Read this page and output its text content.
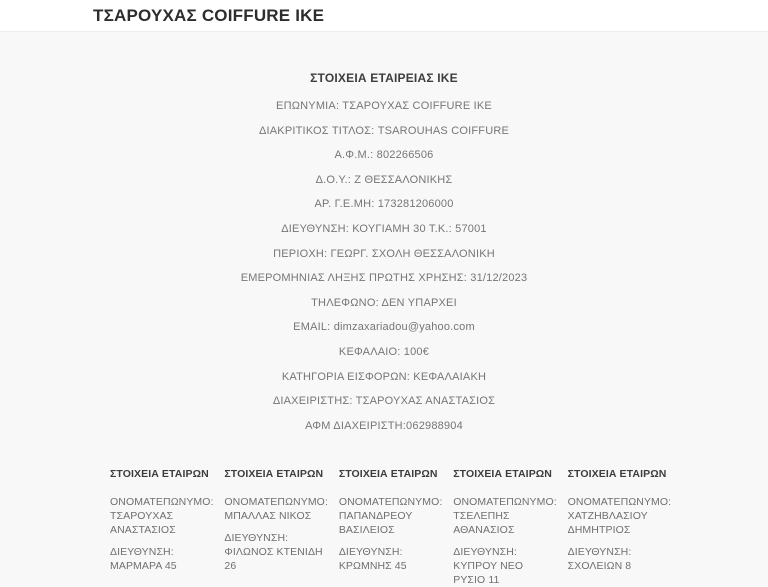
ΤΣΑΡΟΥΧΑΣ COIFFURE ΙΚΕ
ΣΤΟΙΧΕΙΑ ΕΤΑΙΡΕΙΑΣ ΙΚΕ

ΕΠΩΝΥΜΙΑ: ΤΣΑΡΟΥΧΑΣ COIFFURE ΙΚΕ

ΔΙΑΚΡΙΤΙΚΟΣ ΤΙΤΛΟΣ: TSAROUHAS COIFFURE

Α.Φ.Μ.: 802266506

Δ.Ο.Υ.: Ζ ΘΕΣΣΑΛΟΝΙΚΗΣ

ΑΡ. Γ.Ε.ΜΗ: 173281206000

ΔΙΕΥΘΥΝΣΗ: ΚΟΥΓΙΑΜΗ 30 Τ.Κ.: 57001

ΠΕΡΙΟΧΗ: ΓΕΩΡΓ. ΣΧΟΛΗ ΘΕΣΣΑΛΟΝΙΚΗ

ΕΜΕΡΟΜΗΝΙΑΣ ΛΗΞΗΣ ΠΡΩΤΗΣ ΧΡΗΣΗΣ: 31/12/2023

ΤΗΛΕΦΩΝΟ: ΔΕΝ ΥΠΑΡΧΕΙ

EMAIL: dimzaxariadou@yahoo.com

ΚΕΦΑΛΑΙΟ: 100€

ΚΑΤΗΓΟΡΙΑ ΕΙΣΦΟΡΩΝ: ΚΕΦΑΛΑΙΑΚΗ

ΔΙΑΧΕΙΡΙΣΤΗΣ: ΤΣΑΡΟΥΧΑΣ ΑΝΑΣΤΑΣΙΟΣ

ΑΦΜ ΔΙΑΧΕΙΡΙΣΤΗ:062988904

ΣΤΟΙΧΕΙΑ ΕΤΑΙΡΩΝ
ΟΝΟΜΑΤΕΠΩΝΥΜΟ:
ΤΣΑΡΟΥΧΑΣ ΑΝΑΣΤΑΣΙΟΣ
ΔΙΕΥΘΥΝΣΗ: ΜΑΡΜΑΡΑ 45
ΣΤΟΙΧΕΙΑ ΕΤΑΙΡΩΝ
ΟΝΟΜΑΤΕΠΩΝΥΜΟ:
ΜΠΑΛΛΑΣ ΝΙΚΟΣ
ΔΙΕΥΘΥΝΣΗ: ΦΙΛΩΝΟΣ ΚΤΕΝΙΔΗ 26
ΣΤΟΙΧΕΙΑ ΕΤΑΙΡΩΝ
ΟΝΟΜΑΤΕΠΩΝΥΜΟ:
ΠΑΠΑΝΔΡΕΟΥ ΒΑΣΙΛΕΙΟΣ
ΔΙΕΥΘΥΝΣΗ: ΚΡΩΜΝΗΣ 45
ΣΤΟΙΧΕΙΑ ΕΤΑΙΡΩΝ
ΟΝΟΜΑΤΕΠΩΝΥΜΟ:
ΤΣΕΛΕΠΗΣ ΑΘΑΝΑΣΙΟΣ
ΔΙΕΥΘΥΝΣΗ: ΚΥΠΡΟΥ ΝΕΟ ΡΥΣΙΟ 11
ΣΤΟΙΧΕΙΑ ΕΤΑΙΡΩΝ
ΟΝΟΜΑΤΕΠΩΝΥΜΟ:
ΧΑΤΖΗΒΛΑΣΙΟΥ ΔΗΜΗΤΡΙΟΣ
ΔΙΕΥΘΥΝΣΗ: ΣΧΟΛΕΙΩΝ 8
